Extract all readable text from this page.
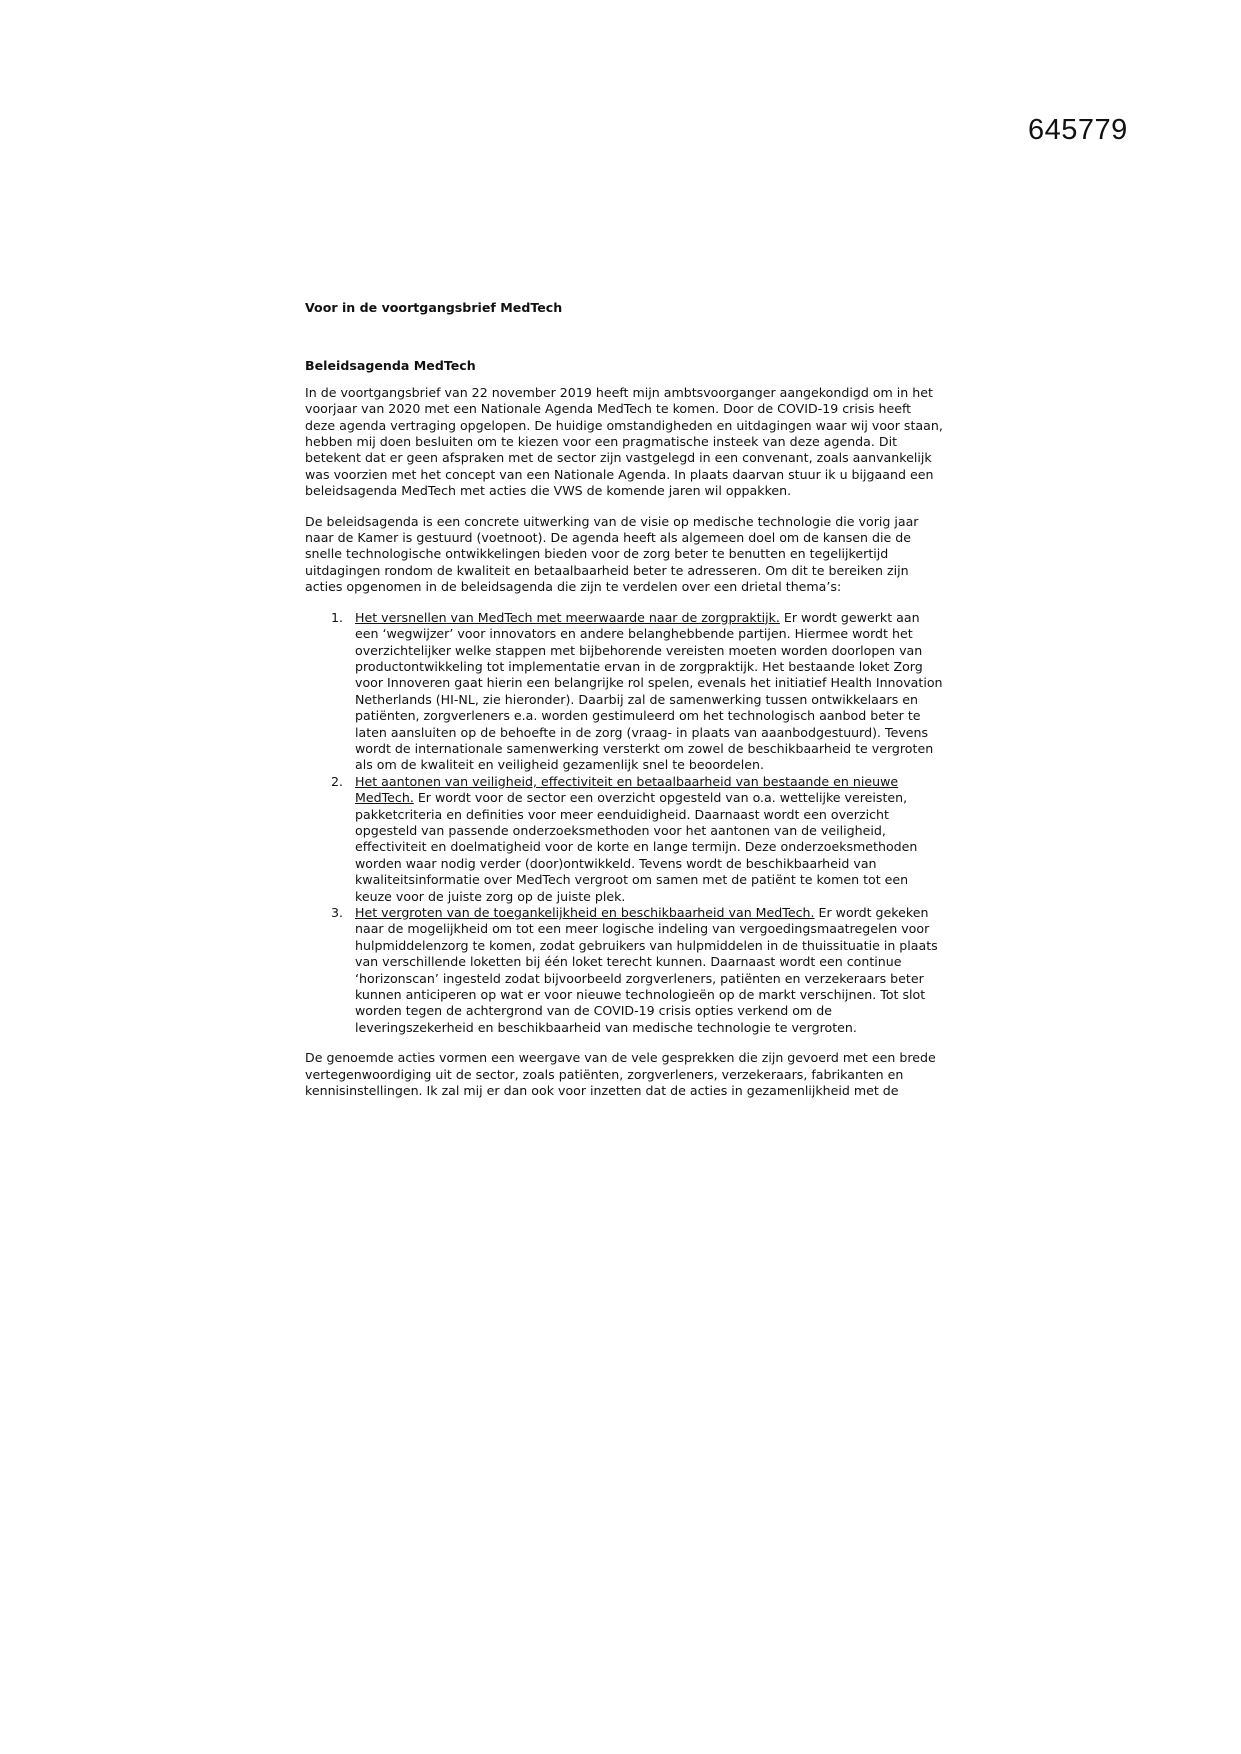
645779

Voor in de voortgangsbrief MedTech

Beleidsagenda MedTech

In de voortgangsbrief van 22 november 2019 heeft mijn ambtsvoorganger aangekondigd om in het voorjaar van 2020 met een Nationale Agenda MedTech te komen. Door de COVID-19 crisis heeft deze agenda vertraging opgelopen. De huidige omstandigheden en uitdagingen waar wij voor staan, hebben mij doen besluiten om te kiezen voor een pragmatische insteek van deze agenda. Dit betekent dat er geen afspraken met de sector zijn vastgelegd in een convenant, zoals aanvankelijk was voorzien met het concept van een Nationale Agenda. In plaats daarvan stuur ik u bijgaand een beleidsagenda MedTech met acties die VWS de komende jaren wil oppakken.

De beleidsagenda is een concrete uitwerking van de visie op medische technologie die vorig jaar naar de Kamer is gestuurd (voetnoot). De agenda heeft als algemeen doel om de kansen die de snelle technologische ontwikkelingen bieden voor de zorg beter te benutten en tegelijkertijd uitdagingen rondom de kwaliteit en betaalbaarheid beter te adresseren. Om dit te bereiken zijn acties opgenomen in de beleidsagenda die zijn te verdelen over een drietal thema’s:

1. Het versnellen van MedTech met meerwaarde naar de zorgpraktijk. Er wordt gewerkt aan een ‘wegwijzer’ voor innovators en andere belanghebbende partijen. Hiermee wordt het overzichtelijker welke stappen met bijbehorende vereisten moeten worden doorlopen van productontwikkeling tot implementatie ervan in de zorgpraktijk. Het bestaande loket Zorg voor Innoveren gaat hierin een belangrijke rol spelen, evenals het initiatief Health Innovation Netherlands (HI-NL, zie hieronder). Daarbij zal de samenwerking tussen ontwikkelaars en patiënten, zorgverleners e.a. worden gestimuleerd om het technologisch aanbod beter te laten aansluiten op de behoefte in de zorg (vraag- in plaats van aaanbodgestuurd). Tevens wordt de internationale samenwerking versterkt om zowel de beschikbaarheid te vergroten als om de kwaliteit en veiligheid gezamenlijk snel te beoordelen.
2. Het aantonen van veiligheid, effectiviteit en betaalbaarheid van bestaande en nieuwe MedTech. Er wordt voor de sector een overzicht opgesteld van o.a. wettelijke vereisten, pakketcriteria en definities voor meer eenduidigheid. Daarnaast wordt een overzicht opgesteld van passende onderzoeksmethoden voor het aantonen van de veiligheid, effectiviteit en doelmatigheid voor de korte en lange termijn. Deze onderzoeksmethoden worden waar nodig verder (door)ontwikkeld. Tevens wordt de beschikbaarheid van kwaliteitsinformatie over MedTech vergroot om samen met de patiënt te komen tot een keuze voor de juiste zorg op de juiste plek.
3. Het vergroten van de toegankelijkheid en beschikbaarheid van MedTech. Er wordt gekeken naar de mogelijkheid om tot een meer logische indeling van vergoedingsmaatregelen voor hulpmiddelenzorg te komen, zodat gebruikers van hulpmiddelen in de thuissituatie in plaats van verschillende loketten bij één loket terecht kunnen. Daarnaast wordt een continue ‘horizonscan’ ingesteld zodat bijvoorbeeld zorgverleners, patiënten en verzekeraars beter kunnen anticiperen op wat er voor nieuwe technologieën op de markt verschijnen. Tot slot worden tegen de achtergrond van de COVID-19 crisis opties verkend om de leveringszekerheid en beschikbaarheid van medische technologie te vergroten.

De genoemde acties vormen een weergave van de vele gesprekken die zijn gevoerd met een brede vertegenwoordiging uit de sector, zoals patiënten, zorgverleners, verzekeraars, fabrikanten en kennisinstellingen. Ik zal mij er dan ook voor inzetten dat de acties in gezamenlijkheid met de
